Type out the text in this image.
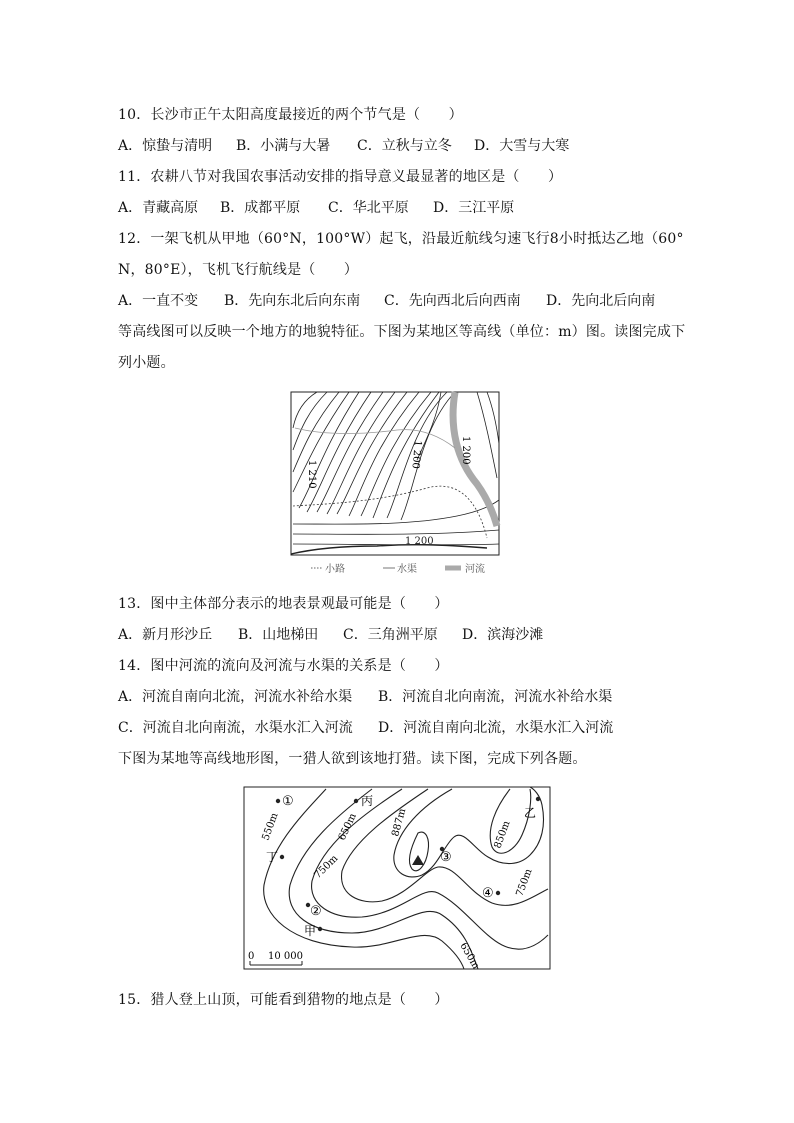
10．长沙市正午太阳高度最接近的两个节气是（　　）
A．惊蛰与清明 B．小满与大暑 C．立秋与立冬 D．大雪与大寒
11．农耕八节对我国农事活动安排的指导意义最显著的地区是（　　）
A．青藏高原 B．成都平原 C．华北平原 D．三江平原
12．一架飞机从甲地（60°N，100°W）起飞，沿最近航线匀速飞行8小时抵达乙地（60°
N，80°E），飞机飞行航线是（　　）
A．一直不变 B．先向东北后向东南 C．先向西北后向西南 D．先向北后向南
等高线图可以反映一个地方的地貌特征。下图为某地区等高线（单位：m）图。读图完成下
列小题。
1 210
1 200	1 200
1 200
小路	水渠	河流
13．图中主体部分表示的地表景观最可能是（　　）
A．新月形沙丘 B．山地梯田 C．三角洲平原 D．滨海沙滩
14．图中河流的流向及河流与水渠的关系是（　　）
A．河流自南向北流，河流水补给水渠 B．河流自北向南流，河流水补给水渠
C．河流自北向南流，水渠水汇入河流 D．河流自南向北流，水渠水汇入河流
下图为某地等高线地形图，一猎人欲到该地打猎。读下图，完成下列各题。
①
②
③
④
丙
乙
丁
甲
550m	650m
750m
887m	850m
750m
650m
0 10 000
15．猎人登上山顶，可能看到猎物的地点是（　　）
